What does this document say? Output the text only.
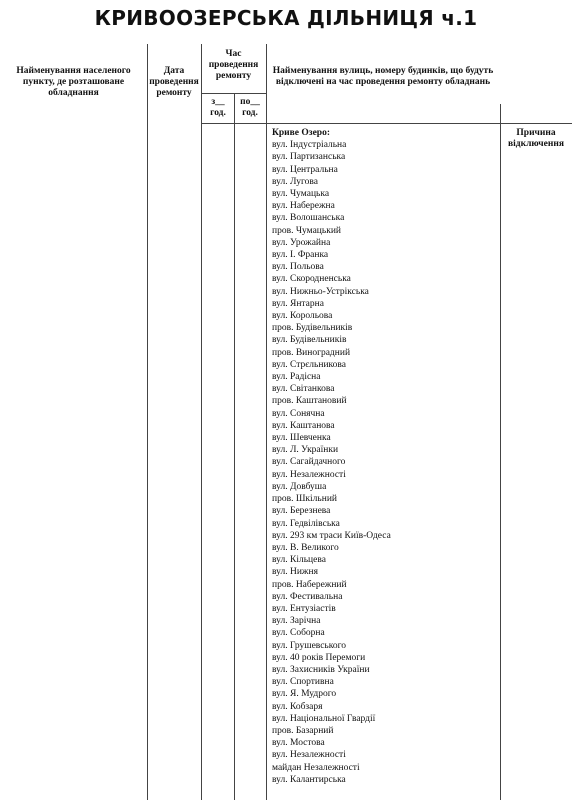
КРИВООЗЕРСЬКА ДІЛЬНИЦЯ ч.1
Найменування населеного пункту, де розташоване обладнання
Дата проведення ремонту
Час проведення ремонту
з__ год.
по__ год.
Найменування вулиць, номеру будинків, що будуть відключені на час проведення ремонту обладнань
Причина відключення
Криве Озеро:
вул. Індустріальна
вул. Партизанська
вул. Центральна
вул. Лугова
вул. Чумацька
вул. Набережна
вул. Волошанська
пров. Чумацький
вул. Урожайна
вул. І. Франка
вул. Польова
вул. Скородненська
вул. Нижньо-Устрікська
вул. Янтарна
вул. Корольова
пров. Будівельників
вул. Будівельників
пров. Виноградний
вул. Стрєльникова
вул. Радісна
вул. Світанкова
пров. Каштановий
вул. Сонячна
вул. Каштанова
вул. Шевченка
вул. Л. Українки
вул. Сагайдачного
вул. Незалежності
вул. Довбуша
пров. Шкільний
вул. Березнева
вул. Гедвілівська
вул. 293 км траси Київ-Одеса
вул. В. Великого
вул. Кільцева
вул. Нижня
пров. Набережний
вул. Фестивальна
вул. Ентузіастів
вул. Зарічна
вул. Соборна
вул. Грушевського
вул. 40 років Перемоги
вул. Захисників України
вул. Спортивна
вул. Я. Мудрого
вул. Кобзаря
вул. Національної Гвардії
пров. Базарний
вул. Мостова
вул. Незалежності
майдан Незалежності
вул. Калантирська
